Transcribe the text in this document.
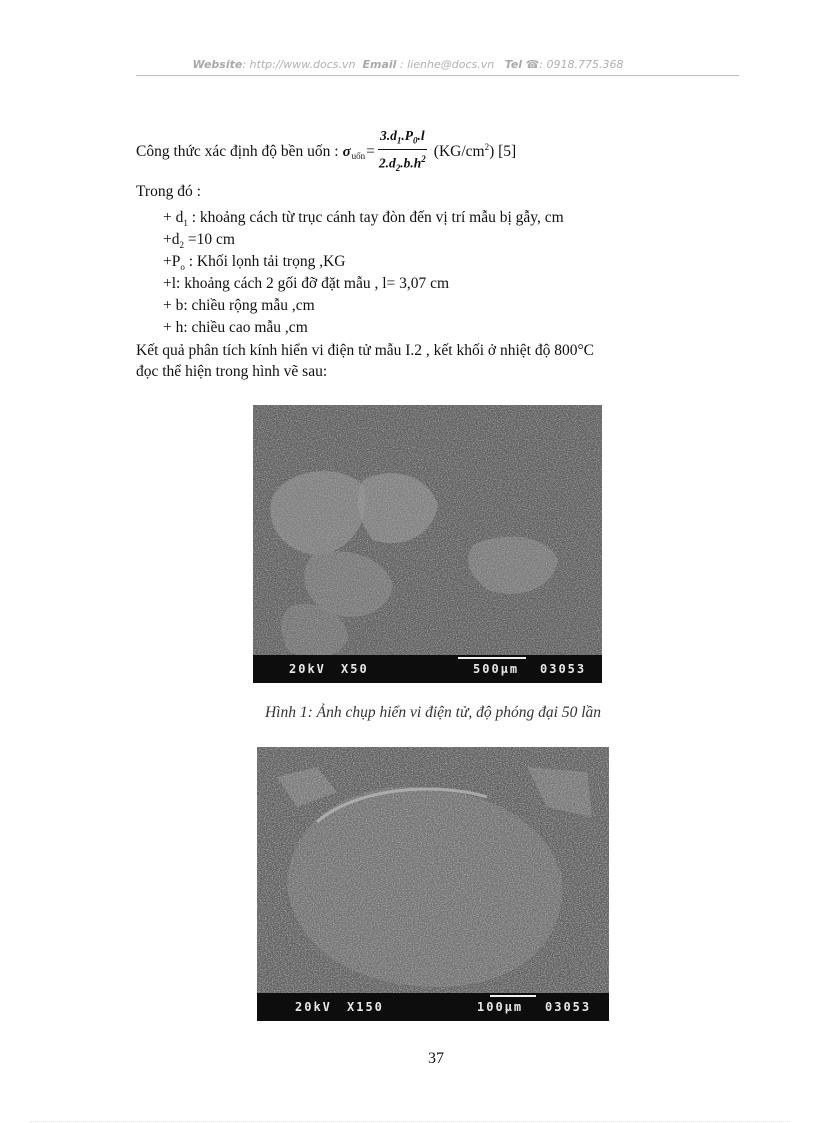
Website: http://www.docs.vn Email : lienhe@docs.vn Tel ☎: 0918.775.368
Công thức xác định độ bền uốn : σ uốn = $\frac{3.d_1.P_0.l}{2.d_2.b.h^2} (KG/cm^2)$ [5]
Trong đó :
+ $d_1$ : khoảng cách từ trục cánh tay đòn đến vị trí mẫu bị gẫy, cm
$+d_2 =10$ cm
$+P_o$ : Khối lọnh tải trọng ,KG
+l: khoảng cách 2 gối đỡ đặt mẫu , l= 3,07 cm
+ b: chiều rộng mẫu ,cm
+ h: chiều cao mẫu ,cm
Kết quả phân tích kính hiển vi điện tử mẫu I.2 , kết khối ở nhiệt độ 800°C
đọc thể hiện trong hình vẽ sau:
20kV X50	500μm 03053
Hình 1: Ảnh chụp hiển vi điện tử, độ phóng đại 50 lần
20kV X150	100μm 03053
37
